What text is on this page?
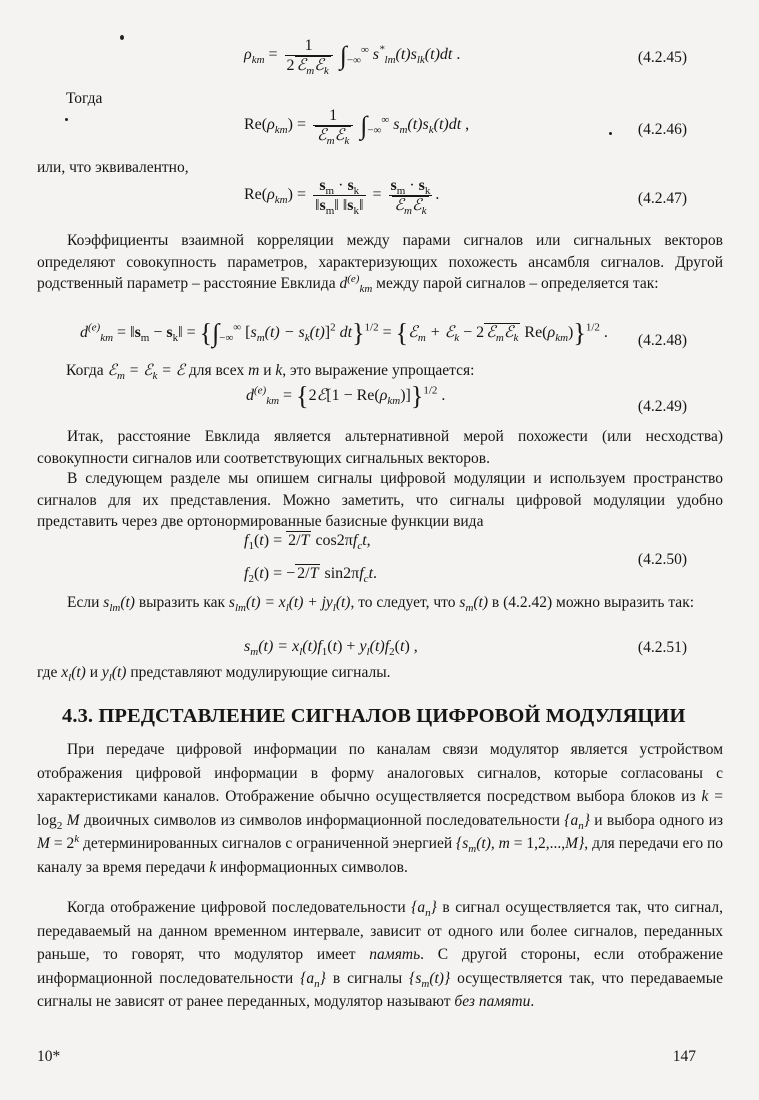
$\rho_{km} = \frac{1}{2 ℰ_mℰ_k} \int_{-\infty}^\infty$ $s^*_{lm}(t)s_{lk}(t)dt$ .	(4.2.45)
Тогда
$Re(\rho_{km}) = \frac{1}{ℰ_mℰ_k} \int_{-\infty}^\infty$ $s_m(t)s_k(t)dt$ ,	(4.2.46)
или, что эквивалентно,
$Re(\rho_{km}) = \frac{s_m \cdot s_k}{‖s_m‖ ‖s_k‖} = \frac{s_m \cdot s_k}{ℰ_mℰ_k}$ .	(4.2.47)
Коэффициенты взаимной корреляции между парами сигналов или сигнальных векторов определяют совокупность параметров, характеризующих похожесть ансамбля сигналов. Другой родственный параметр – расстояние Евклида $d^{(e)}_{km}$ между парой сигналов – определяется так:
$d^{(e)}_{km}$ = $‖s_m$ − $s_k‖ = \{\int_{-\infty}^\infty$ $[s_m(t) - s_k(t)]^2$ dt}$^{1/2}$ = {ℰ$_m$ + ℰ$_k$ − 2 ℰ$_m$ℰ$_k$ $Re(\rho_{km})\}^{1/2}$ . (4.2.48)
Когда ℰ$_m$ = ℰ$_k$ = ℰ для всех m и k, это выражение упрощается:
$d^{(e)}_{km}$ = {2ℰ[1 − $Re(\rho_{km})]\}^{1/2}$ .
(4.2.49)
Итак, расстояние Евклида является альтернативной мерой похожести (или несходства) совокупности сигналов или соответствующих сигнальных векторов.
В следующем разделе мы опишем сигналы цифровой модуляции и используем пространство сигналов для их представления. Можно заметить, что сигналы цифровой модуляции удобно представить через две ортонормированные базисные функции вида
$f_1(t) = 2/T$ $\cos 2\pi f_ct$,
$f_2(t)$ = − 2/T $\sin 2\pi f_ct$.
(4.2.50)
Если $s_{lm}(t)$ выразить как $s_{lm}(t) = x_l(t) + jy_l(t)$, то следует, что $s_m(t)$ в (4.2.42) можно выразить так:
$s_m(t) = x_l(t)f_1(t) + y_l(t)f_2(t)$ ,	(4.2.51)
где $x_l(t)$ и $y_l(t)$ представляют модулирующие сигналы.
4.3. ПРЕДСТАВЛЕНИЕ СИГНАЛОВ ЦИФРОВОЙ МОДУЛЯЦИИ
При передаче цифровой информации по каналам связи модулятор является устройством отображения цифровой информации в форму аналоговых сигналов, которые согласованы с характеристиками каналов. Отображение обычно осуществляется посредством выбора блоков из $k = \log_2 M$ двоичных символов из символов информационной последовательности $\{a_n\}$ и выбора одного из $M = 2^k$ детерминированных сигналов с ограниченной энергией {$s_m(t)$, m = 1,2,...,M}, для передачи его по каналу за время передачи k информационных символов.
Когда отображение цифровой последовательности $\{a_n\}$ в сигнал осуществляется так, что сигнал, передаваемый на данном временном интервале, зависит от одного или более сигналов, переданных раньше, то говорят, что модулятор имеет память. С другой стороны, если отображение информационной последовательности $\{a_n\}$ в сигналы $\{s_m(t)\}$ осуществляется так, что передаваемые сигналы не зависят от ранее переданных, модулятор называют без памяти.
10*	147
